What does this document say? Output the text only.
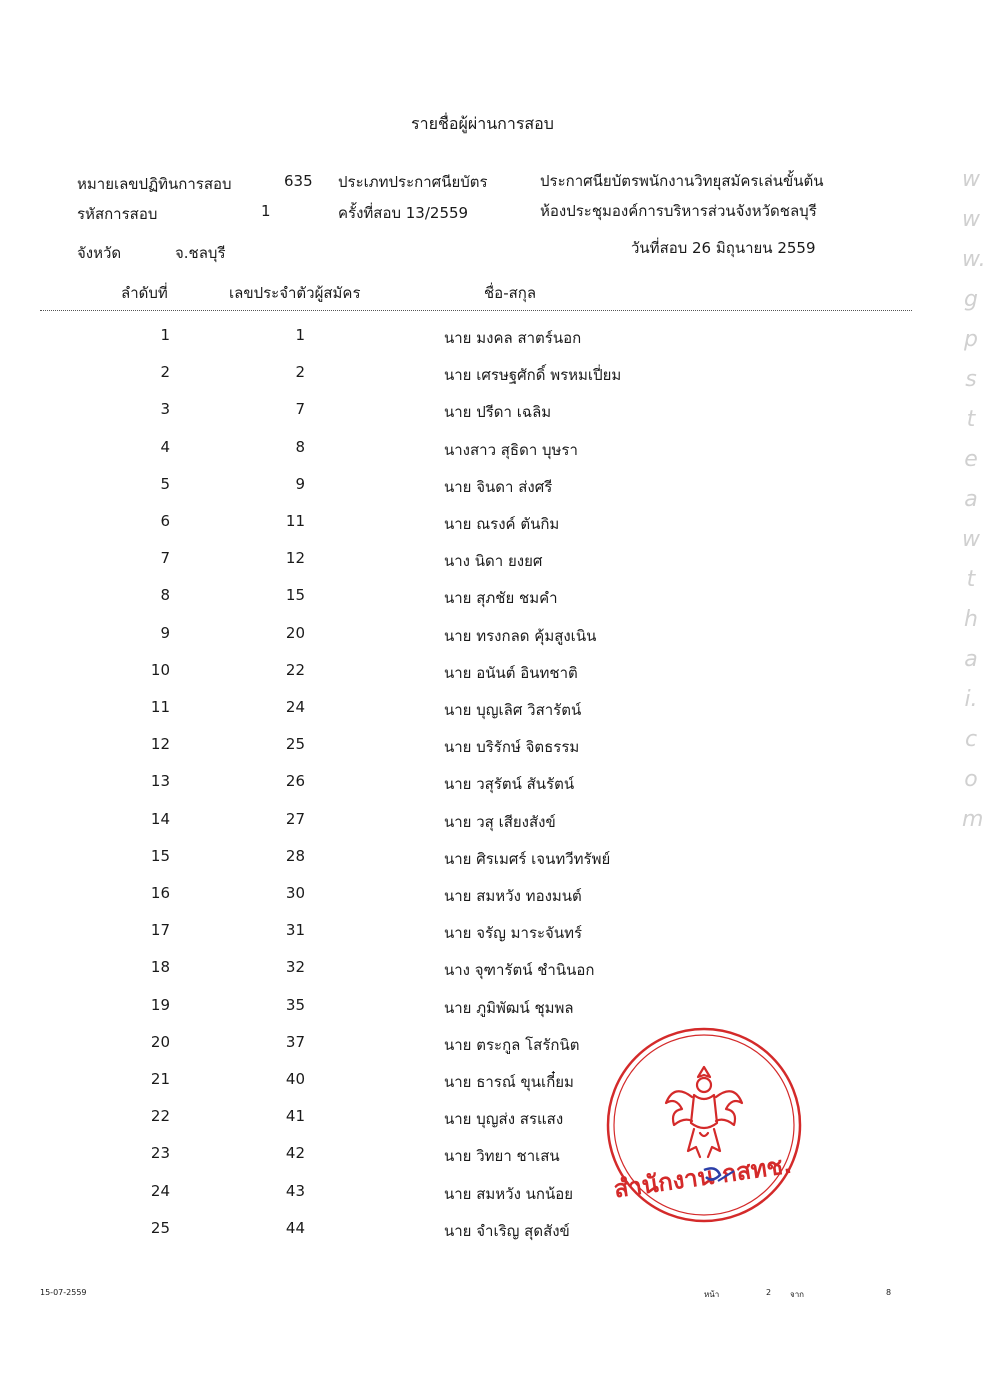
รายชื่อผู้ผ่านการสอบ
หมายเลขปฏิทินการสอบ	635 ประเภทประกาศนียบัตร	ประกาศนียบัตรพนักงานวิทยุสมัครเล่นขั้นต้น
รหัสการสอบ	1	ครั้งที่สอบ 13/2559	ห้องประชุมองค์การบริหารส่วนจังหวัดชลบุรี
จังหวัด	จ.ชลบุรี	วันที่สอบ 26 มิถุนายน 2559
ลำดับที่	เลขประจำตัวผู้สมัคร	ชื่อ-สกุล
1	1	นาย มงคล สาตร์นอก
2	2	นาย เศรษฐศักดิ์ พรหมเปี่ยม
3	7	นาย ปรีดา เฉลิม
4	8	นางสาว สุธิดา บุษรา
5	9	นาย จินดา ส่งศรี
6	11	นาย ณรงค์ ตันกิม
7	12	นาง นิดา ยงยศ
8	15	นาย สุภชัย ชมคำ
9	20	นาย ทรงกลด คุ้มสูงเนิน
10	22	นาย อนันต์ อินทชาติ
11	24	นาย บุญเลิศ วิสารัตน์
12	25	นาย บริรักษ์ จิตธรรม
13	26	นาย วสุรัตน์ สันรัตน์
14	27	นาย วสุ เสียงสังข์
15	28	นาย ศิรเมศร์ เจนทวีทรัพย์
16	30	นาย สมหวัง ทองมนต์
17	31	นาย จรัญ มาระจันทร์
18	32	นาง จุฑารัตน์ ชำนินอก
19	35	นาย ภูมิพัฒน์ ชุมพล
20	37	นาย ตระกูล โสรักนิต
21	40	นาย ธารณ์ ขุนเกี๋ยม
22	41	นาย บุญส่ง สรแสง
23	42	นาย วิทยา ชาเสน
24	43	นาย สมหวัง นกน้อย
25	44	นาย จำเริญ สุดสังข์
www.gpsteawthai.com
สำนักงาน กสทช.
15-07-2559	หน้า	2 จาก	8
